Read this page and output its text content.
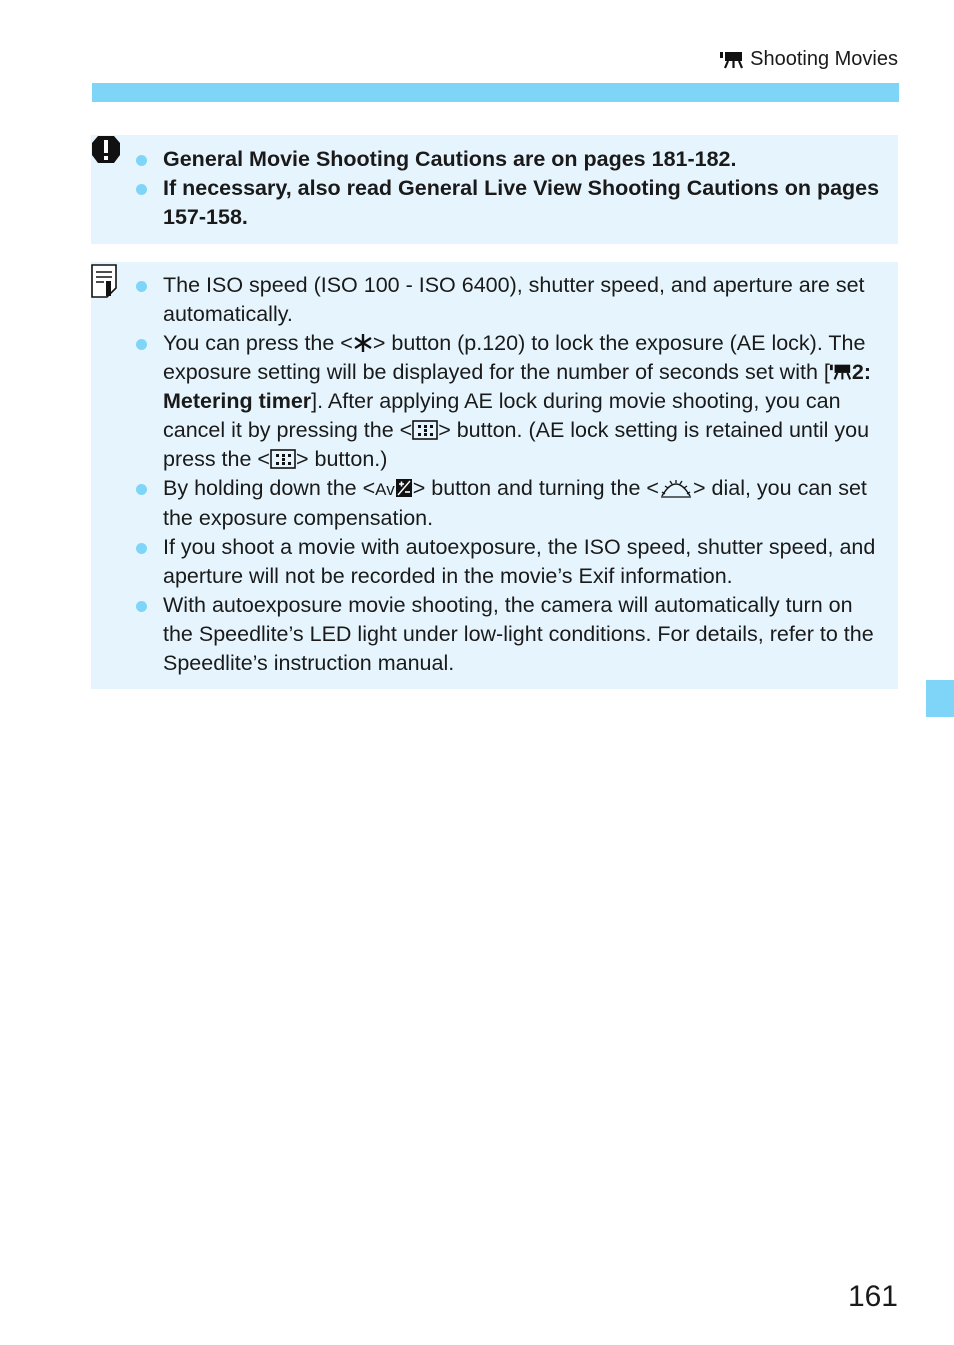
Shooting Movies
General Movie Shooting Cautions are on pages 181-182.
If necessary, also read General Live View Shooting Cautions on pages 157-158.
The ISO speed (ISO 100 - ISO 6400), shutter speed, and aperture are set automatically.
You can press the < > button (p.120) to lock the exposure (AE lock). The exposure setting will be displayed for the number of seconds set with [ 2: Metering timer]. After applying AE lock during movie shooting, you can cancel it by pressing the < > button. (AE lock setting is retained until you press the < > button.)
By holding down the <Av > button and turning the < > dial, you can set the exposure compensation.
If you shoot a movie with autoexposure, the ISO speed, shutter speed, and aperture will not be recorded in the movie’s Exif information.
With autoexposure movie shooting, the camera will automatically turn on the Speedlite’s LED light under low-light conditions. For details, refer to the Speedlite’s instruction manual.
161
